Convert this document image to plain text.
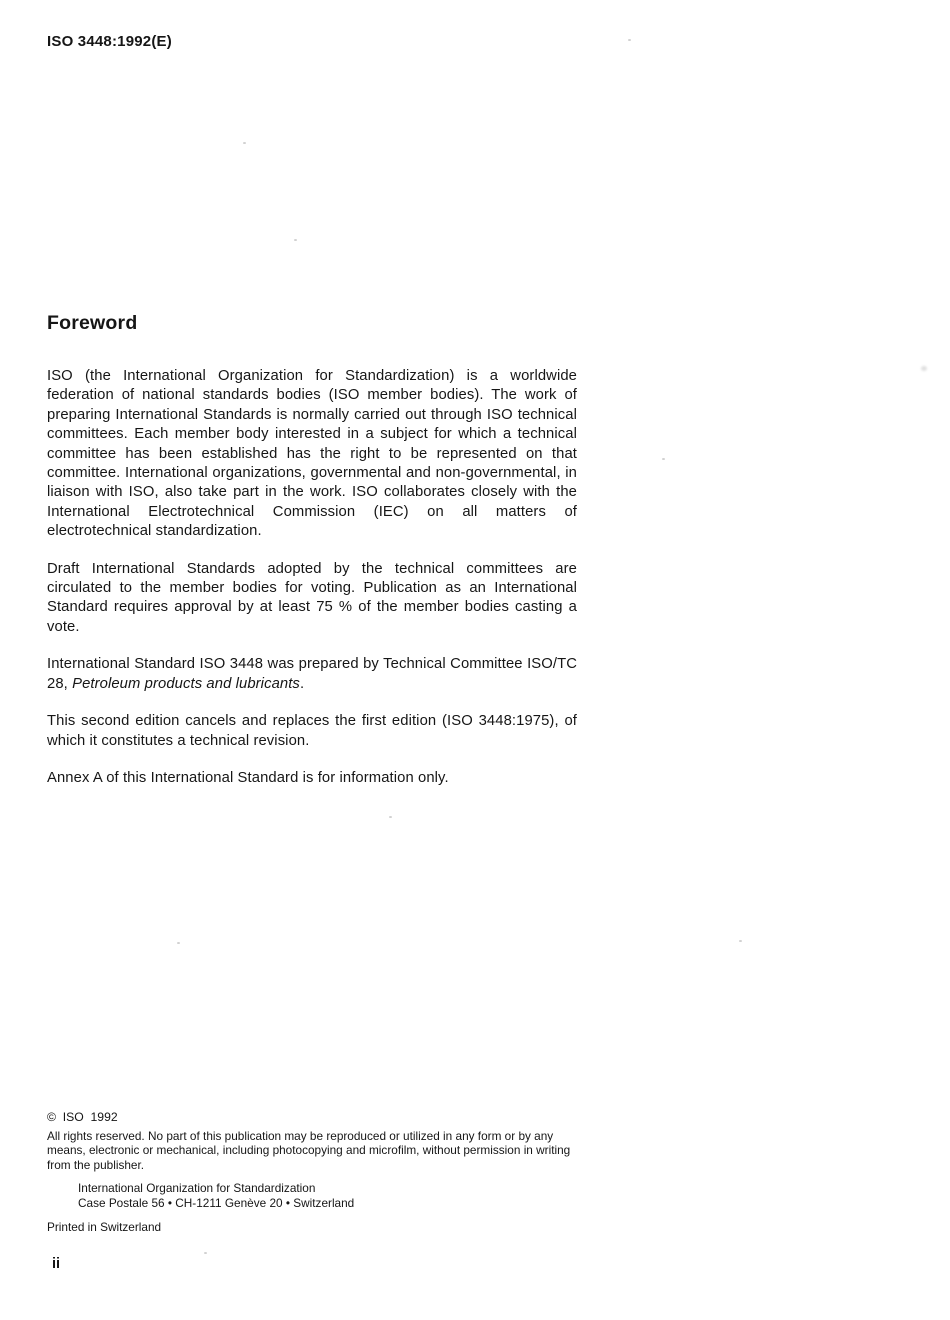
ISO 3448:1992(E)
Foreword

ISO (the International Organization for Standardization) is a worldwide federation of national standards bodies (ISO member bodies). The work of preparing International Standards is normally carried out through ISO technical committees. Each member body interested in a subject for which a technical committee has been established has the right to be represented on that committee. International organizations, governmental and non-governmental, in liaison with ISO, also take part in the work. ISO collaborates closely with the International Electrotechnical Commission (IEC) on all matters of electrotechnical standardization.

Draft International Standards adopted by the technical committees are circulated to the member bodies for voting. Publication as an International Standard requires approval by at least 75 % of the member bodies casting a vote.

International Standard ISO 3448 was prepared by Technical Committee ISO/TC 28, Petroleum products and lubricants.

This second edition cancels and replaces the first edition (ISO 3448:1975), of which it constitutes a technical revision.

Annex A of this International Standard is for information only.

©  ISO  1992
All rights reserved. No part of this publication may be reproduced or utilized in any form or by any means, electronic or mechanical, including photocopying and microfilm, without permission in writing from the publisher.
International Organization for Standardization
Case Postale 56 • CH-1211 Genève 20 • Switzerland
Printed in Switzerland
ii
